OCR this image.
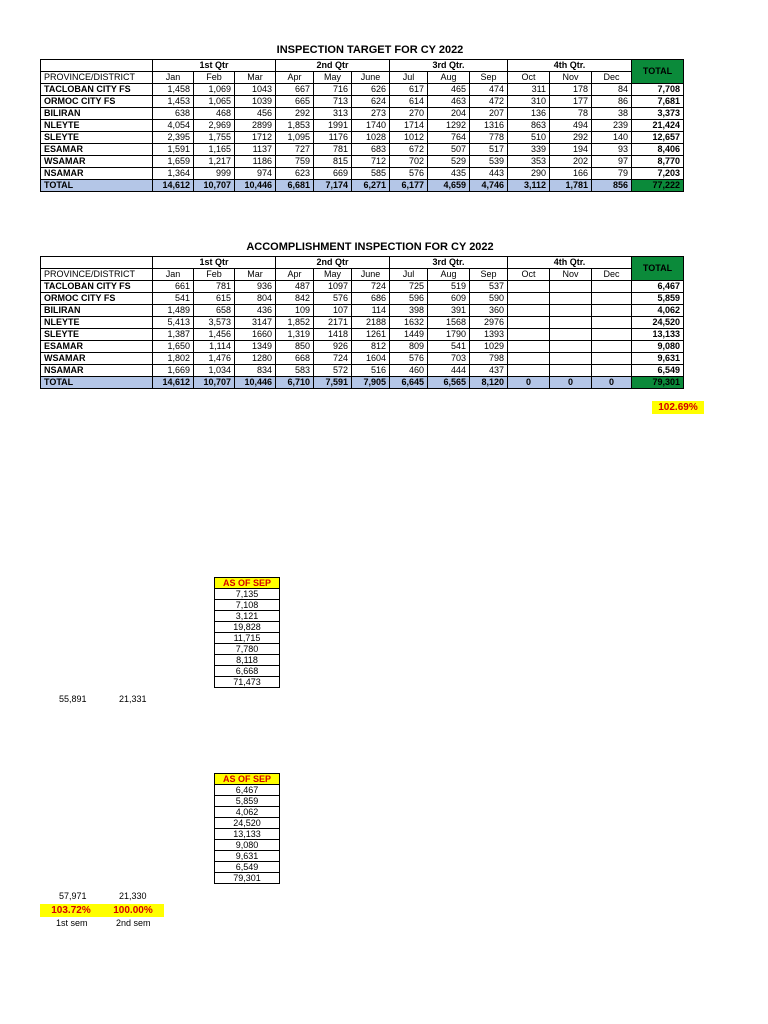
INSPECTION TARGET FOR CY 2022
	1st Qtr			2nd Qtr			3rd Qtr.			4th Qtr.			TOTAL
PROVINCE/DISTRICT	Jan	Feb	Mar	Apr	May	June	Jul	Aug	Sep	Oct	Nov	Dec	
TACLOBAN CITY FS	1,458	1,069	1043	667	716	626	617	465	474	311	178	84	7,708
ORMOC CITY FS	1,453	1,065	1039	665	713	624	614	463	472	310	177	86	7,681
BILIRAN	638	468	456	292	313	273	270	204	207	136	78	38	3,373
NLEYTE	4,054	2,969	2899	1,853	1991	1740	1714	1292	1316	863	494	239	21,424
SLEYTE	2,395	1,755	1712	1,095	1176	1028	1012	764	778	510	292	140	12,657
ESAMAR	1,591	1,165	1137	727	781	683	672	507	517	339	194	93	8,406
WSAMAR	1,659	1,217	1186	759	815	712	702	529	539	353	202	97	8,770
NSAMAR	1,364	999	974	623	669	585	576	435	443	290	166	79	7,203
TOTAL	14,612	10,707	10,446	6,681	7,174	6,271	6,177	4,659	4,746	3,112	1,781	856	77,222
ACCOMPLISHMENT INSPECTION FOR CY 2022
	1st Qtr			2nd Qtr			3rd Qtr.			4th Qtr.			TOTAL
PROVINCE/DISTRICT	Jan	Feb	Mar	Apr	May	June	Jul	Aug	Sep	Oct	Nov	Dec	
TACLOBAN CITY FS	661	781	936	487	1097	724	725	519	537				6,467
ORMOC CITY FS	541	615	804	842	576	686	596	609	590				5,859
BILIRAN	1,489	658	436	109	107	114	398	391	360				4,062
NLEYTE	5,413	3,573	3147	1,852	2171	2188	1632	1568	2976				24,520
SLEYTE	1,387	1,456	1660	1,319	1418	1261	1449	1790	1393				13,133
ESAMAR	1,650	1,114	1349	850	926	812	809	541	1029				9,080
WSAMAR	1,802	1,476	1280	668	724	1604	576	703	798				9,631
NSAMAR	1,669	1,034	834	583	572	516	460	444	437				6,549
TOTAL	14,612	10,707	10,446	6,710	7,591	7,905	6,645	6,565	8,120	0	0	0	79,301
102.69%
AS OF SEP
7,135
7,108
3,121
19,828
11,715
7,780
8,118
6,668
71,473
55,891	21,331
AS OF SEP
6,467
5,859
4,062
24,520
13,133
9,080
9,631
6,549
79,301
57,971	21,330
103.72%	100.00%
1st sem	2nd sem
